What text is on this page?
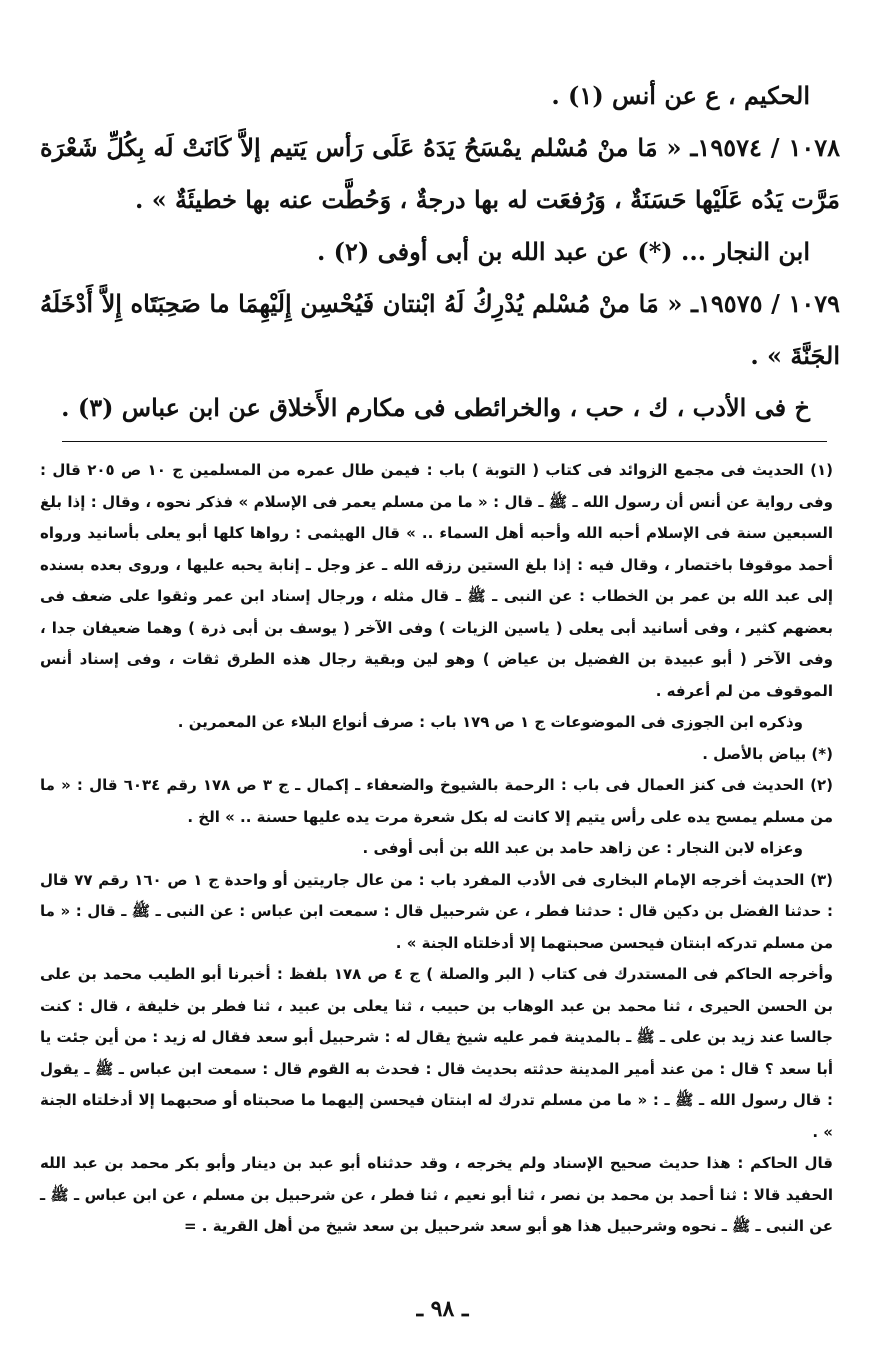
الحكيم ، ع عن أنس (١) .

١٠٧٨ / ١٩٥٧٤ـ « مَا منْ مُسْلم يمْسَحُ يَدَهُ عَلَى رَأس يَتيم إلاَّ كَانَتْ لَه بِكُلِّ شَعْرَة مَرَّت يَدُه عَلَيْها حَسَنَةٌ ، وَرُفعَت له بها درجةٌ ، وَحُطَّت عنه بها خطيئَةٌ » .

ابن النجار ... (*) عن عبد الله بن أبى أوفى (٢) .

١٠٧٩ / ١٩٥٧٥ـ « مَا منْ مُسْلم يُدْرِكُ لَهُ ابْنتان فَيُحْسِن إِلَيْهِمَا ما صَحِبَتَاه إِلاَّ أَدْخَلَهُ الجَنَّةَ » .

خ فى الأدب ، ك ، حب ، والخرائطى فى مكارم الأَخلاق عن ابن عباس (٣) .

(١) الحديث فى مجمع الزوائد فى كتاب ( التوبة ) باب : فيمن طال عمره من المسلمين ج ١٠ ص ٢٠٥ قال : وفى رواية عن أنس أن رسول الله ـ ﷺ ـ قال : « ما من مسلم يعمر فى الإسلام » فذكر نحوه ، وقال : إذا بلغ السبعين سنة فى الإسلام أحبه الله وأحبه أهل السماء .. » قال الهيثمى : رواها كلها أبو يعلى بأسانيد ورواه أحمد موقوفا باختصار ، وقال فيه : إذا بلغ الستين رزقه الله ـ عز وجل ـ إنابة يحبه عليها ، وروى بعده بسنده إلى عبد الله بن عمر بن الخطاب : عن النبى ـ ﷺ ـ قال مثله ، ورجال إسناد ابن عمر وثقوا على ضعف فى بعضهم كثير ، وفى أسانيد أبى يعلى ( ياسين الزيات ) وفى الآخر ( يوسف بن أبى ذرة ) وهما ضعيفان جدا ، وفى الآخر ( أبو عبيدة بن الفضيل بن عياض ) وهو لين وبقية رجال هذه الطرق ثقات ، وفى إسناد أنس الموقوف من لم أعرفه .

وذكره ابن الجوزى فى الموضوعات ج ١ ص ١٧٩ باب : صرف أنواع البلاء عن المعمرين .

(*) بياض بالأصل .

(٢) الحديث فى كنز العمال فى باب : الرحمة بالشيوخ والضعفاء ـ إكمال ـ ج ٣ ص ١٧٨ رقم ٦٠٣٤ قال : « ما من مسلم يمسح يده على رأس يتيم إلا كانت له بكل شعرة مرت يده عليها حسنة .. » الخ .

وعزاه لابن النجار : عن زاهد حامد بن عبد الله بن أبى أوفى .

(٣) الحديث أخرجه الإمام البخارى فى الأدب المفرد باب : من عال جاريتين أو واحدة ج ١ ص ١٦٠ رقم ٧٧ قال : حدثنا الفضل بن دكين قال : حدثنا فطر ، عن شرحبيل قال : سمعت ابن عباس : عن النبى ـ ﷺ ـ قال : « ما من مسلم تدركه ابنتان فيحسن صحبتهما إلا أدخلتاه الجنة » .

وأخرجه الحاكم فى المستدرك فى كتاب ( البر والصلة ) ج ٤ ص ١٧٨ بلفظ : أخبرنا أبو الطيب محمد بن على بن الحسن الحيرى ، ثنا محمد بن عبد الوهاب بن حبيب ، ثنا يعلى بن عبيد ، ثنا فطر بن خليفة ، قال : كنت جالسا عند زيد بن على ـ ﷺ ـ بالمدينة فمر عليه شيخ يقال له : شرحبيل أبو سعد فقال له زيد : من أين جئت يا أبا سعد ؟ قال : من عند أمير المدينة حدثته بحديث قال : فحدث به القوم قال : سمعت ابن عباس ـ ﷺ ـ يقول : قال رسول الله ـ ﷺ ـ : « ما من مسلم تدرك له ابنتان فيحسن إليهما ما صحبتاه أو صحبهما إلا أدخلتاه الجنة » .

قال الحاكم : هذا حديث صحيح الإسناد ولم يخرجه ، وقد حدثناه أبو عبد بن دينار وأبو بكر محمد بن عبد الله الحفيد قالا : ثنا أحمد بن محمد بن نصر ، ثنا أبو نعيم ، ثنا فطر ، عن شرحبيل بن مسلم ، عن ابن عباس ـ ﷺ ـ عن النبى ـ ﷺ ـ نحوه وشرحبيل هذا هو أبو سعد شرحبيل بن سعد شيخ من أهل القرية . =

ـ ٩٨ ـ
